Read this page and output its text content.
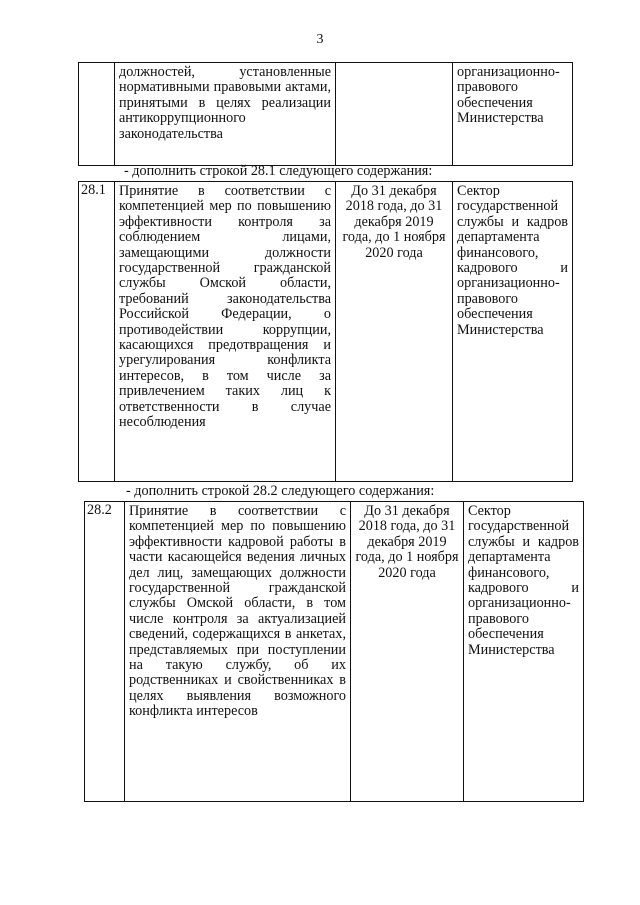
3
	должностей, установленные нормативными правовыми актами, принятыми в целях реализации антикоррупционного законодательства		организационно-правового обеспечения Министерства
- дополнить строкой 28.1 следующего содержания:
28.1	Принятие в соответствии с компетенцией мер по повышению эффективности контроля за соблюдением лицами, замещающими должности государственной гражданской службы Омской области, требований законодательства Российской Федерации, о противодействии коррупции, касающихся предотвращения и урегулирования конфликта интересов, в том числе за привлечением таких лиц к ответственности в случае несоблюдения	До 31 декабря 2018 года, до 31 декабря 2019 года, до 1 ноября 2020 года	Сектор государственной службы и кадров департамента финансового, кадрового и организационно-правового обеспечения Министерства
- дополнить строкой 28.2 следующего содержания:
28.2	Принятие в соответствии с компетенцией мер по повышению эффективности кадровой работы в части касающейся ведения личных дел лиц, замещающих должности государственной гражданской службы Омской области, в том числе контроля за актуализацией сведений, содержащихся в анкетах, представляемых при поступлении на такую службу, об их родственниках и свойственниках в целях выявления возможного конфликта интересов	До 31 декабря 2018 года, до 31 декабря 2019 года, до 1 ноября 2020 года	Сектор государственной службы и кадров департамента финансового, кадрового и организационно-правового обеспечения Министерства
